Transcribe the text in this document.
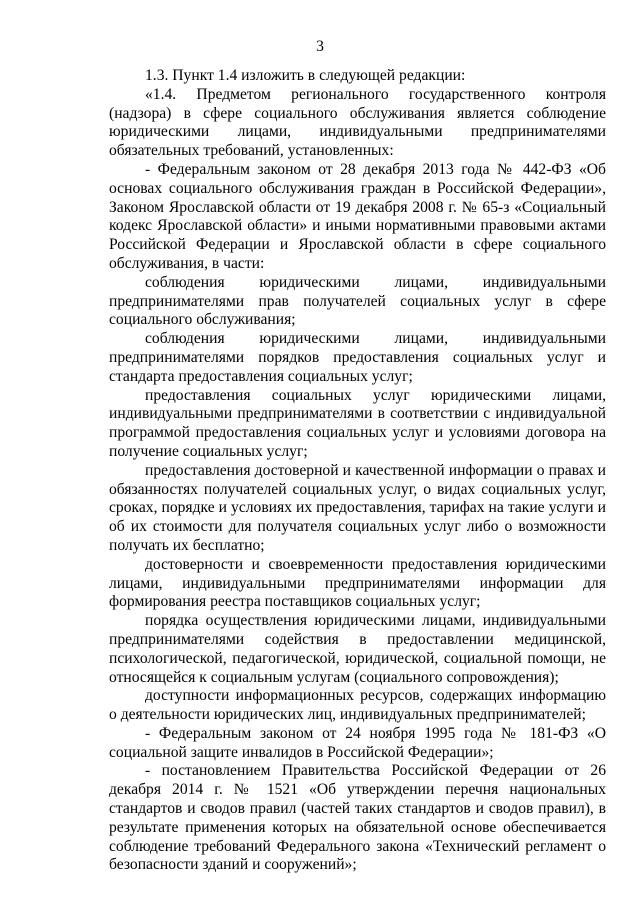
3

1.3. Пункт 1.4 изложить в следующей редакции:

«1.4. Предметом регионального государственного контроля (надзора) в сфере социального обслуживания является соблюдение юридическими лицами, индивидуальными предпринимателями обязательных требований, установленных:

- Федеральным законом от 28 декабря 2013 года № 442-ФЗ «Об основах социального обслуживания граждан в Российской Федерации», Законом Ярославской области от 19 декабря 2008 г. № 65-з «Социальный кодекс Ярославской области» и иными нормативными правовыми актами Российской Федерации и Ярославской области в сфере социального обслуживания, в части:

соблюдения юридическими лицами, индивидуальными предпринимателями прав получателей социальных услуг в сфере социального обслуживания;

соблюдения юридическими лицами, индивидуальными предпринимателями порядков предоставления социальных услуг и стандарта предоставления социальных услуг;

предоставления социальных услуг юридическими лицами, индивидуальными предпринимателями в соответствии с индивидуальной программой предоставления социальных услуг и условиями договора на получение социальных услуг;

предоставления достоверной и качественной информации о правах и обязанностях получателей социальных услуг, о видах социальных услуг, сроках, порядке и условиях их предоставления, тарифах на такие услуги и об их стоимости для получателя социальных услуг либо о возможности получать их бесплатно;

достоверности и своевременности предоставления юридическими лицами, индивидуальными предпринимателями информации для формирования реестра поставщиков социальных услуг;

порядка осуществления юридическими лицами, индивидуальными предпринимателями содействия в предоставлении медицинской, психологической, педагогической, юридической, социальной помощи, не относящейся к социальным услугам (социального сопровождения);

доступности информационных ресурсов, содержащих информацию о деятельности юридических лиц, индивидуальных предпринимателей;

- Федеральным законом от 24 ноября 1995 года № 181-ФЗ «О социальной защите инвалидов в Российской Федерации»;

- постановлением Правительства Российской Федерации от 26 декабря 2014 г. № 1521 «Об утверждении перечня национальных стандартов и сводов правил (частей таких стандартов и сводов правил), в результате применения которых на обязательной основе обеспечивается соблюдение требований Федерального закона «Технический регламент о безопасности зданий и сооружений»;
